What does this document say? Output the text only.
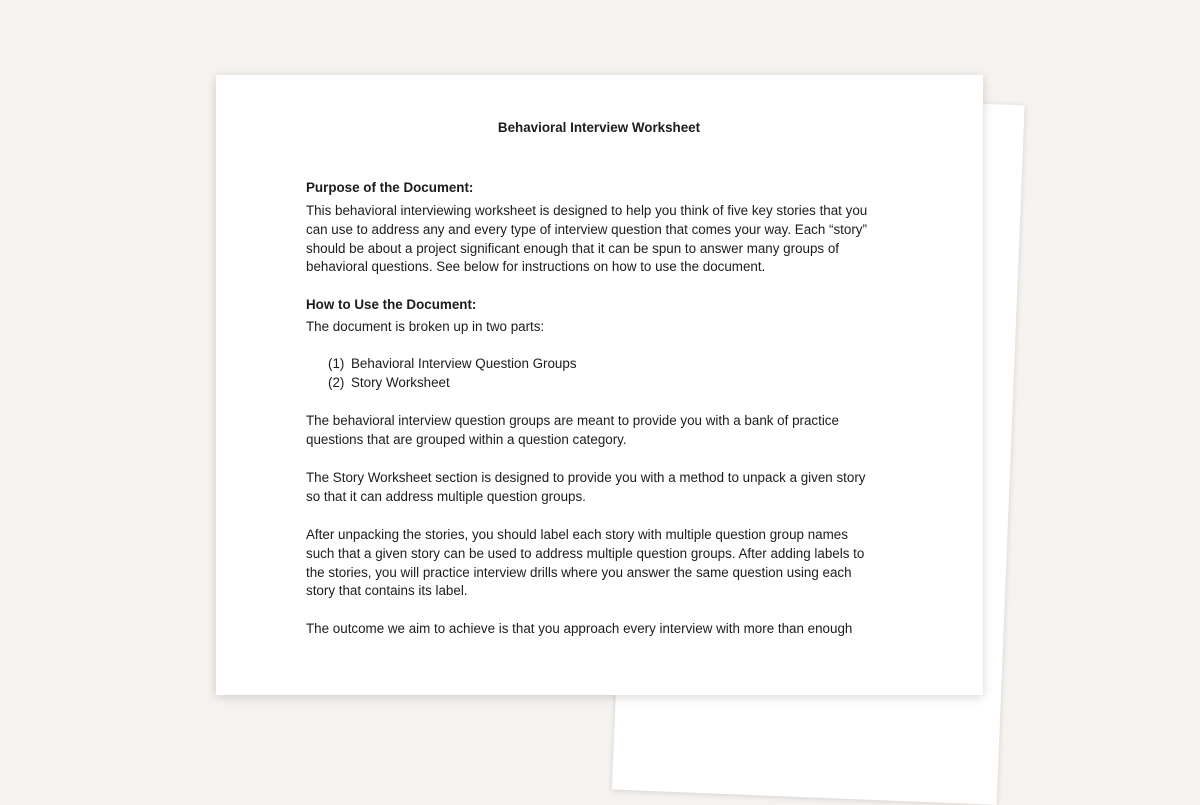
Behavioral Interview Worksheet
Purpose of the Document:
This behavioral interviewing worksheet is designed to help you think of five key stories that you
can use to address any and every type of interview question that comes your way. Each “story”
should be about a project significant enough that it can be spun to answer many groups of
behavioral questions. See below for instructions on how to use the document.
How to Use the Document:
The document is broken up in two parts:
(1) Behavioral Interview Question Groups
(2) Story Worksheet
The behavioral interview question groups are meant to provide you with a bank of practice
questions that are grouped within a question category.
The Story Worksheet section is designed to provide you with a method to unpack a given story
so that it can address multiple question groups.
After unpacking the stories, you should label each story with multiple question group names
such that a given story can be used to address multiple question groups. After adding labels to
the stories, you will practice interview drills where you answer the same question using each
story that contains its label.
The outcome we aim to achieve is that you approach every interview with more than enough
